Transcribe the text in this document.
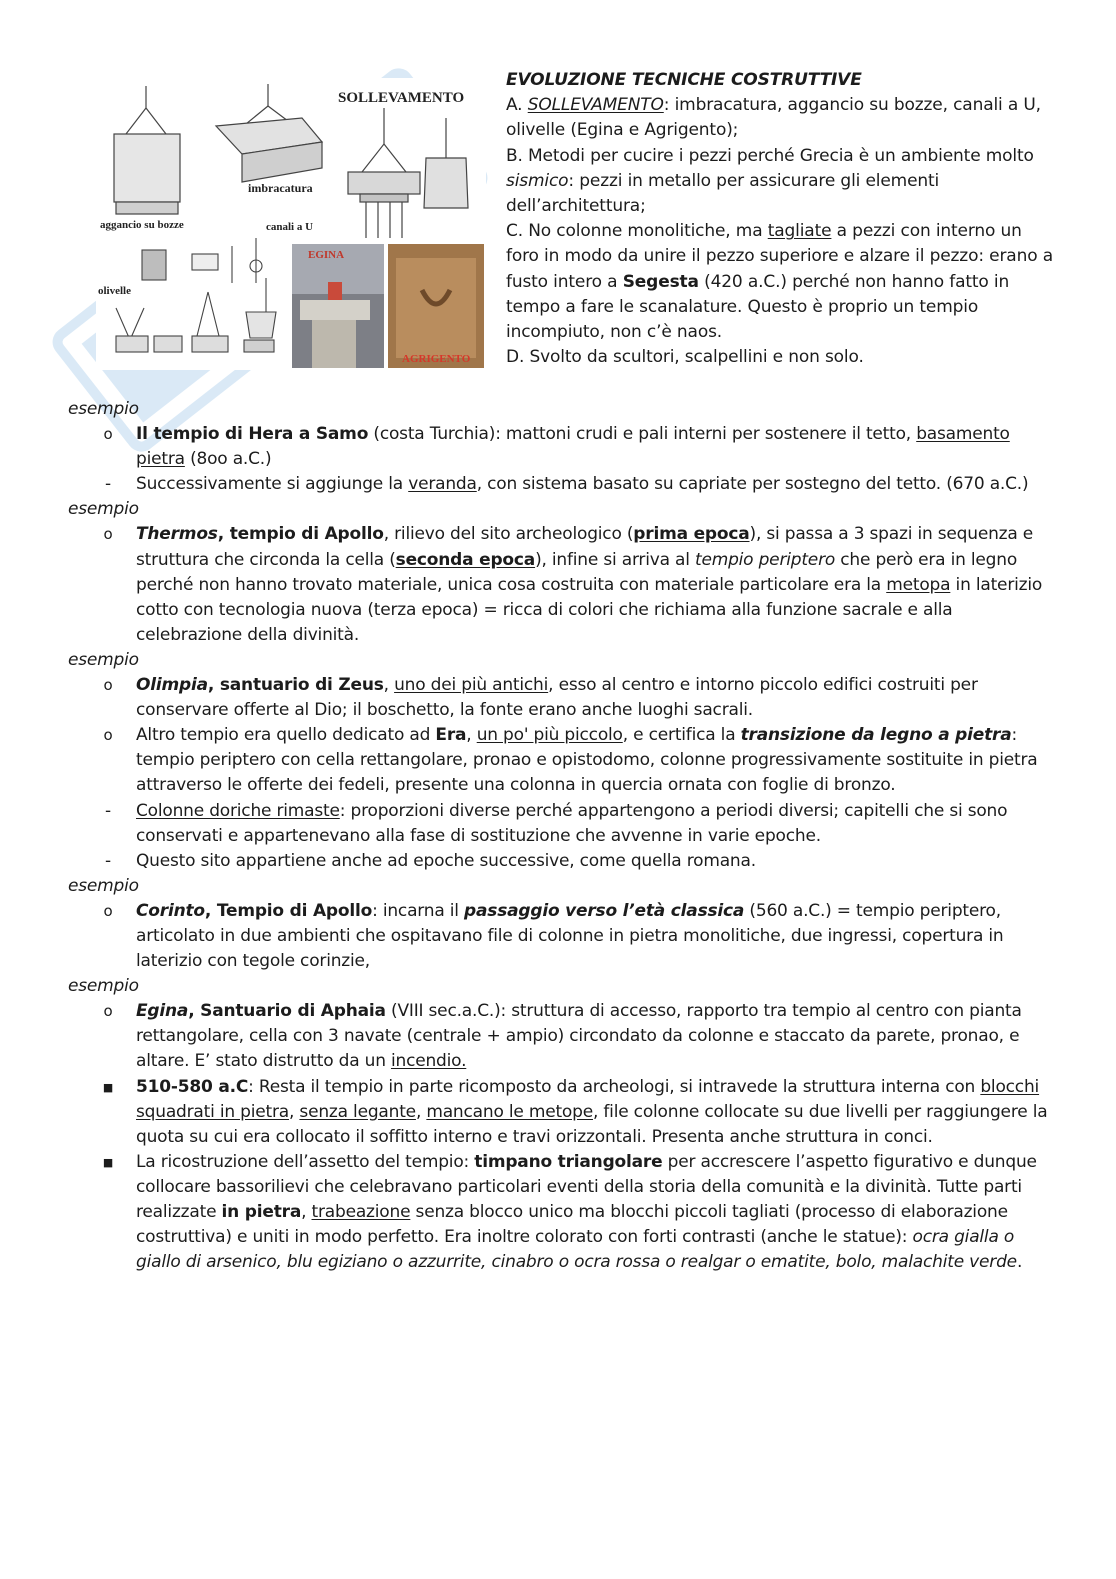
SOLLEVAMENTO
imbracatura
aggancio su bozze	canali a U
olivelle
EGINA
AGRIGENTO

EVOLUZIONE TECNICHE COSTRUTTIVE

A. SOLLEVAMENTO: imbracatura, aggancio su bozze, canali a U, olivelle (Egina e Agrigento);

B. Metodi per cucire i pezzi perché Grecia è un ambiente molto sismico: pezzi in metallo per assicurare gli elementi dell’architettura;

C. No colonne monolitiche, ma tagliate a pezzi con interno un foro in modo da unire il pezzo superiore e alzare il pezzo: erano a fusto intero a Segesta (420 a.C.) perché non hanno fatto in tempo a fare le scanalature. Questo è proprio un tempio incompiuto, non c’è naos.

D. Svolto da scultori, scalpellini e non solo.

esempio

o	Il tempio di Hera a Samo (costa Turchia): mattoni crudi e pali interni per sostenere il tetto, basamento pietra (8oo a.C.)

-	Successivamente si aggiunge la veranda, con sistema basato su capriate per sostegno del tetto. (670 a.C.)

esempio

o	Thermos, tempio di Apollo, rilievo del sito archeologico (prima epoca), si passa a 3 spazi in sequenza e struttura che circonda la cella (seconda epoca), infine si arriva al tempio periptero che però era in legno perché non hanno trovato materiale, unica cosa costruita con materiale particolare era la metopa in laterizio cotto con tecnologia nuova (terza epoca) = ricca di colori che richiama alla funzione sacrale e alla celebrazione della divinità.

esempio

o	Olimpia, santuario di Zeus, uno dei più antichi, esso al centro e intorno piccolo edifici costruiti per conservare offerte al Dio; il boschetto, la fonte erano anche luoghi sacrali.

o	Altro tempio era quello dedicato ad Era, un po' più piccolo, e certifica la transizione da legno a pietra: tempio periptero con cella rettangolare, pronao e opistodomo, colonne progressivamente sostituite in pietra attraverso le offerte dei fedeli, presente una colonna in quercia ornata con foglie di bronzo.

-	Colonne doriche rimaste: proporzioni diverse perché appartengono a periodi diversi; capitelli che si sono conservati e appartenevano alla fase di sostituzione che avvenne in varie epoche.

-	Questo sito appartiene anche ad epoche successive, come quella romana.

esempio

o	Corinto, Tempio di Apollo: incarna il passaggio verso l’età classica (560 a.C.) = tempio periptero, articolato in due ambienti che ospitavano file di colonne in pietra monolitiche, due ingressi, copertura in laterizio con tegole corinzie,

esempio

o	Egina, Santuario di Aphaia (VIII sec.a.C.): struttura di accesso, rapporto tra tempio al centro con pianta rettangolare, cella con 3 navate (centrale + ampio) circondato da colonne e staccato da parete, pronao, e altare. E’ stato distrutto da un incendio.

■ 510-580 a.C: Resta il tempio in parte ricomposto da archeologi, si intravede la struttura interna con blocchi squadrati in pietra, senza legante, mancano le metope, file colonne collocate su due livelli per raggiungere la quota su cui era collocato il soffitto interno e travi orizzontali. Presenta anche struttura in conci.

■ La ricostruzione dell’assetto del tempio: timpano triangolare per accrescere l’aspetto figurativo e dunque collocare bassorilievi che celebravano particolari eventi della storia della comunità e la divinità. Tutte parti realizzate in pietra, trabeazione senza blocco unico ma blocchi piccoli tagliati (processo di elaborazione costruttiva) e uniti in modo perfetto. Era inoltre colorato con forti contrasti (anche le statue): ocra gialla o giallo di arsenico, blu egiziano o azzurrite, cinabro o ocra rossa o realgar o ematite, bolo, malachite verde.
